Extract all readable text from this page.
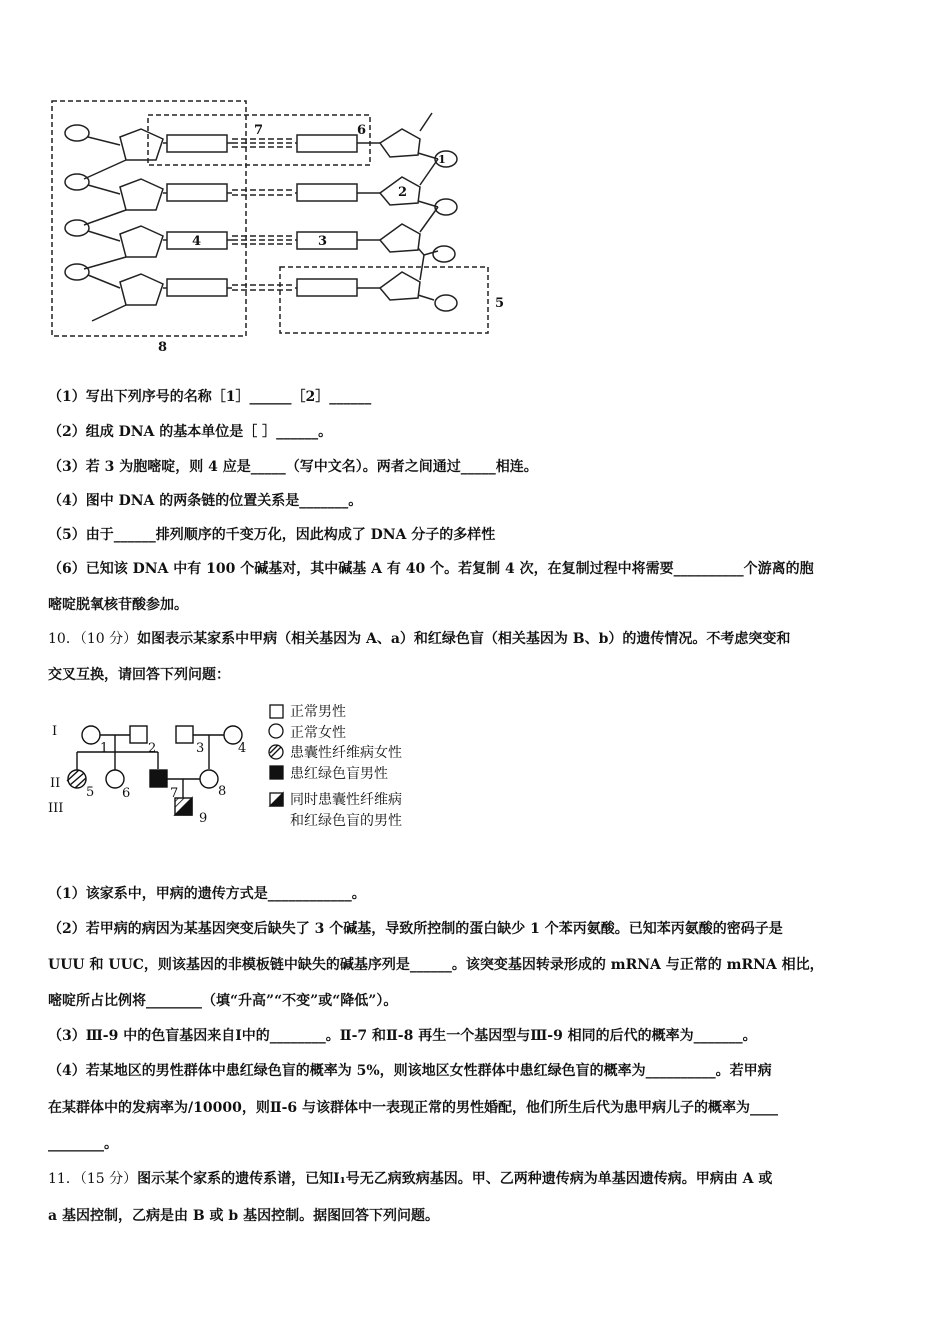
7	6
1
2
3
4
5
8
（1）写出下列序号的名称［1］______［2］______
（2）组成 DNA 的基本单位是［ ］______。
（3）若 3 为胞嘧啶，则 4 应是_____（写中文名）。两者之间通过_____相连。
（4）图中 DNA 的两条链的位置关系是_______。
（5）由于______排列顺序的千变万化，因此构成了 DNA 分子的多样性
（6）已知该 DNA 中有 100 个碱基对，其中碱基 A 有 40 个。若复制 4 次，在复制过程中将需要__________个游离的胞
嘧啶脱氧核苷酸参加。
10．（10 分）如图表示某家系中甲病（相关基因为 A、a）和红绿色盲（相关基因为 B、b）的遗传情况。不考虑突变和
交叉互换，请回答下列问题：
I
II
III
1	2	3	4
5 6	7	8
9
正常男性
正常女性
患囊性纤维病女性
患红绿色盲男性
同时患囊性纤维病
和红绿色盲的男性
（1）该家系中，甲病的遗传方式是____________。
（2）若甲病的病因为某基因突变后缺失了 3 个碱基，导致所控制的蛋白缺少 1 个苯丙氨酸。已知苯丙氨酸的密码子是
UUU 和 UUC，则该基因的非模板链中缺失的碱基序列是______。该突变基因转录形成的 mRNA 与正常的 mRNA 相比，
嘧啶所占比例将________（填“升高”“不变”或“降低”）。
（3）Ⅲ-9 中的色盲基因来自Ⅰ中的________。Ⅱ-7 和Ⅱ-8 再生一个基因型与Ⅲ-9 相同的后代的概率为_______。
（4）若某地区的男性群体中患红绿色盲的概率为 5%，则该地区女性群体中患红绿色盲的概率为__________。若甲病
在某群体中的发病率为/10000，则Ⅱ-6 与该群体中一表现正常的男性婚配，他们所生后代为患甲病儿子的概率为____
________。
11．（15 分）图示某个家系的遗传系谱，已知Ⅰ₁号无乙病致病基因。甲、乙两种遗传病为单基因遗传病。甲病由 A 或
a 基因控制，乙病是由 B 或 b 基因控制。据图回答下列问题。
